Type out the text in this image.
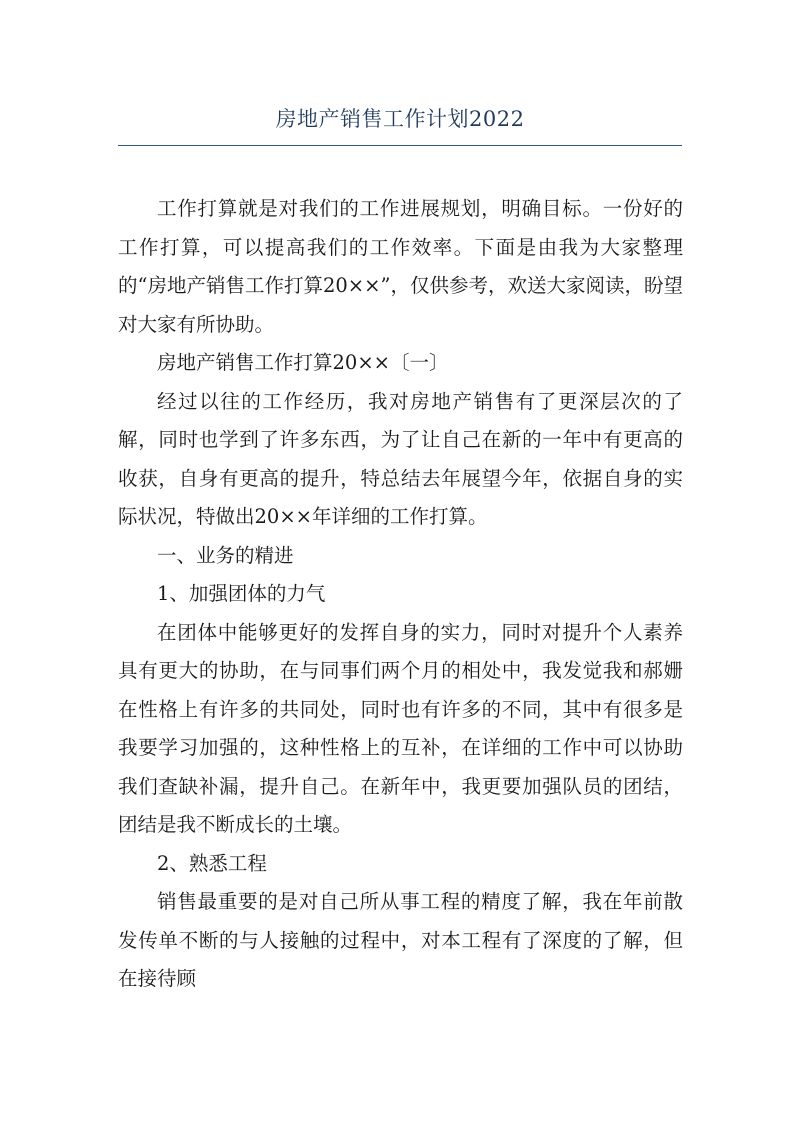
房地产销售工作计划2022

工作打算就是对我们的工作进展规划，明确目标。一份好的工作打算，可以提高我们的工作效率。下面是由我为大家整理的“房地产销售工作打算20××”，仅供参考，欢送大家阅读，盼望对大家有所协助。

房地产销售工作打算20××〔一〕

经过以往的工作经历，我对房地产销售有了更深层次的了解，同时也学到了许多东西，为了让自己在新的一年中有更高的收获，自身有更高的提升，特总结去年展望今年，依据自身的实际状况，特做出20××年详细的工作打算。

一、业务的精进

1、加强团体的力气

在团体中能够更好的发挥自身的实力，同时对提升个人素养具有更大的协助，在与同事们两个月的相处中，我发觉我和郝姗在性格上有许多的共同处，同时也有许多的不同，其中有很多是我要学习加强的，这种性格上的互补，在详细的工作中可以协助我们查缺补漏，提升自己。在新年中，我更要加强队员的团结，团结是我不断成长的土壤。

2、熟悉工程

销售最重要的是对自己所从事工程的精度了解，我在年前散发传单不断的与人接触的过程中，对本工程有了深度的了解，但在接待顾
